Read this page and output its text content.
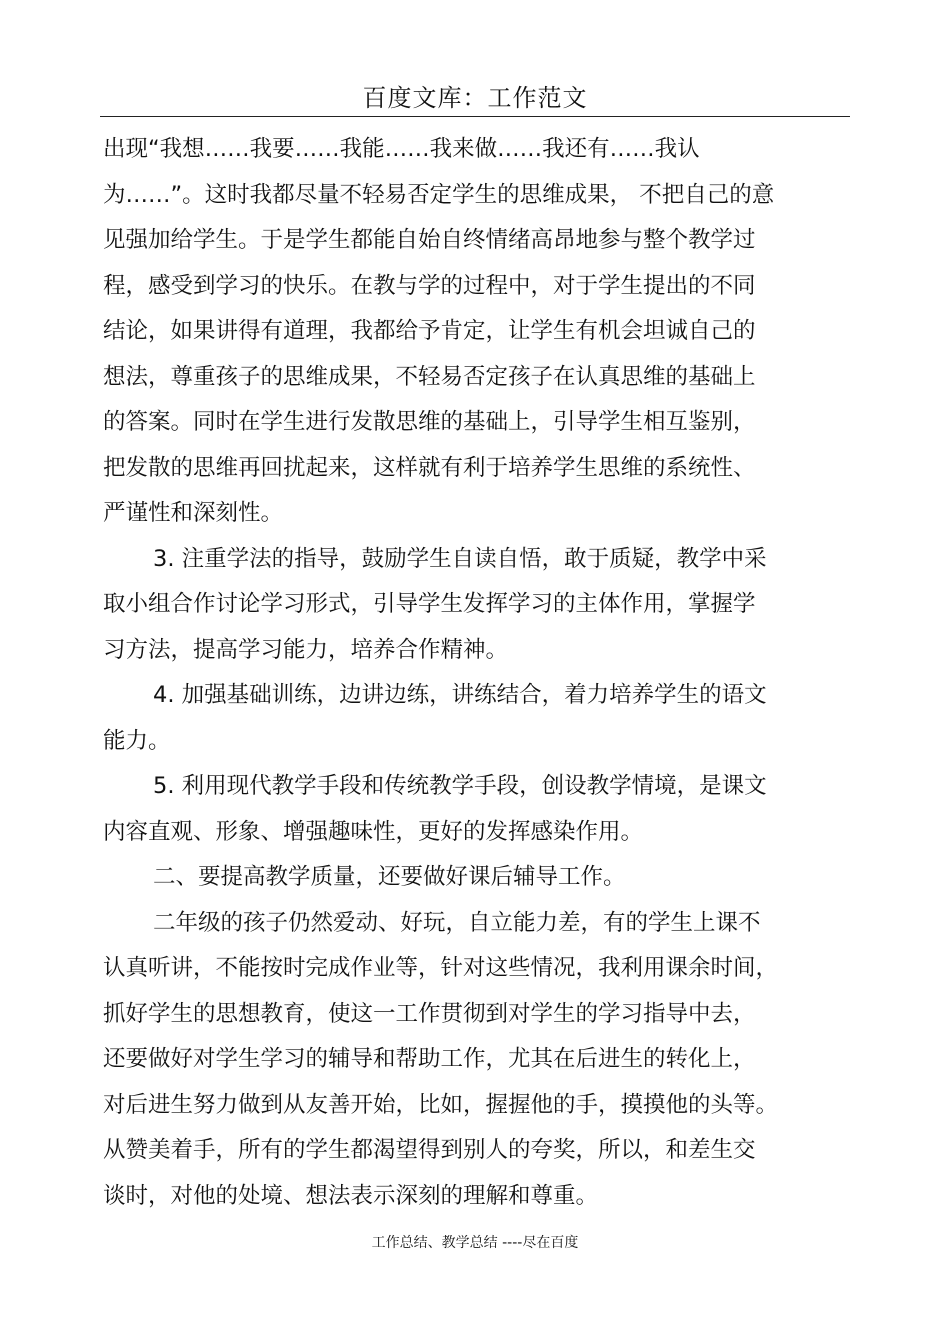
百度文库：工作范文
出现“我想……我要……我能……我来做……我还有……我认
为……”。这时我都尽量不轻易否定学生的思维成果， 不把自己的意
见强加给学生。于是学生都能自始自终情绪高昂地参与整个教学过
程，感受到学习的快乐。在教与学的过程中，对于学生提出的不同
结论，如果讲得有道理，我都给予肯定，让学生有机会坦诚自己的
想法，尊重孩子的思维成果，不轻易否定孩子在认真思维的基础上
的答案。同时在学生进行发散思维的基础上，引导学生相互鉴别，
把发散的思维再回扰起来，这样就有利于培养学生思维的系统性、
严谨性和深刻性。
3. 注重学法的指导，鼓励学生自读自悟，敢于质疑，教学中采
取小组合作讨论学习形式，引导学生发挥学习的主体作用，掌握学
习方法，提高学习能力，培养合作精神。
4. 加强基础训练，边讲边练，讲练结合，着力培养学生的语文
能力。
5. 利用现代教学手段和传统教学手段，创设教学情境，是课文
内容直观、形象、增强趣味性，更好的发挥感染作用。
二、要提高教学质量，还要做好课后辅导工作。
二年级的孩子仍然爱动、好玩，自立能力差，有的学生上课不
认真听讲，不能按时完成作业等，针对这些情况，我利用课余时间，
抓好学生的思想教育，使这一工作贯彻到对学生的学习指导中去，
还要做好对学生学习的辅导和帮助工作，尤其在后进生的转化上，
对后进生努力做到从友善开始，比如，握握他的手，摸摸他的头等。
从赞美着手，所有的学生都渴望得到别人的夸奖，所以，和差生交
谈时，对他的处境、想法表示深刻的理解和尊重。
工作总结、教学总结 ----尽在百度
